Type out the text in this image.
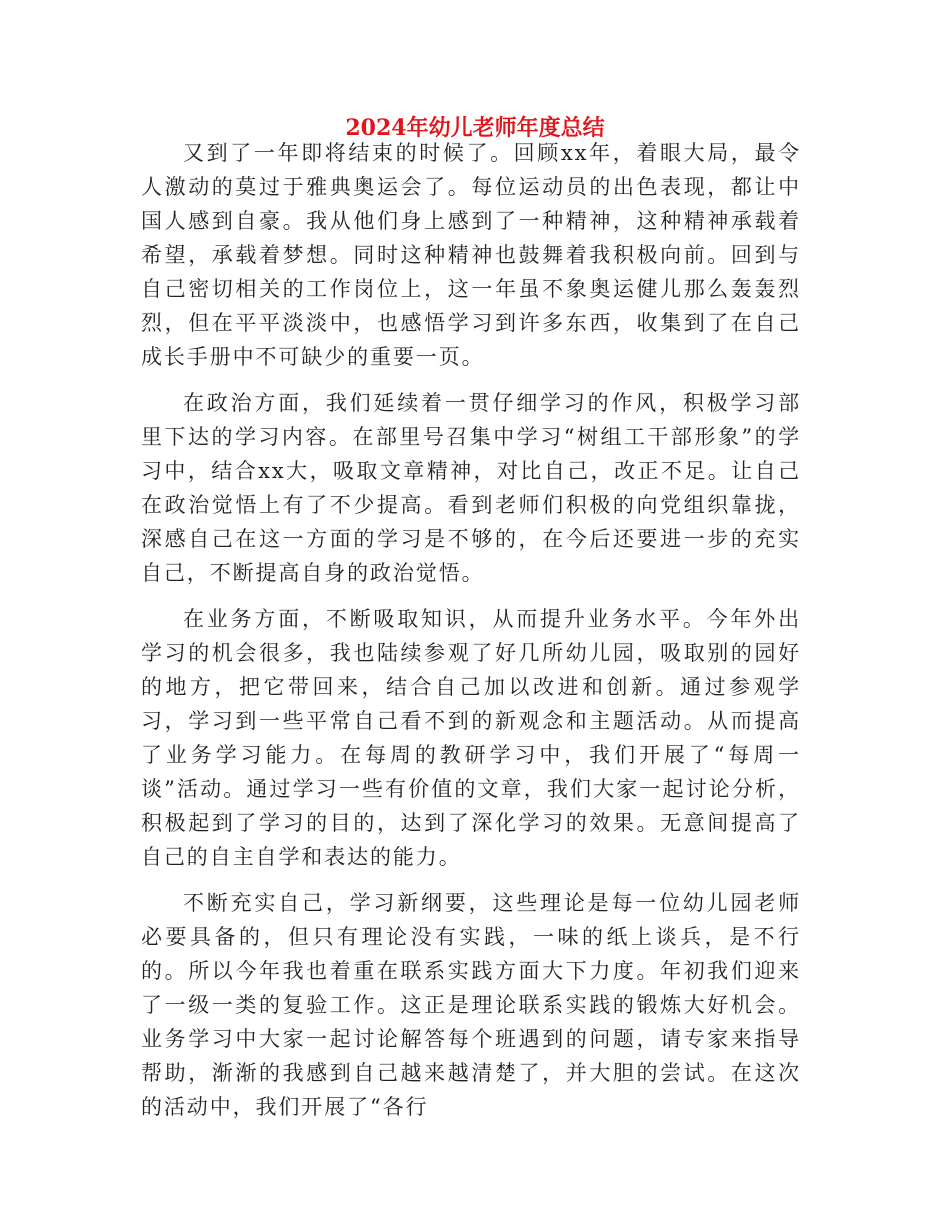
2024年幼儿老师年度总结

又到了一年即将结束的时候了。回顾xx年，着眼大局，最令人激动的莫过于雅典奥运会了。每位运动员的出色表现，都让中国人感到自豪。我从他们身上感到了一种精神，这种精神承载着希望，承载着梦想。同时这种精神也鼓舞着我积极向前。回到与自己密切相关的工作岗位上，这一年虽不象奥运健儿那么轰轰烈烈，但在平平淡淡中，也感悟学习到许多东西，收集到了在自己成长手册中不可缺少的重要一页。

在政治方面，我们延续着一贯仔细学习的作风，积极学习部里下达的学习内容。在部里号召集中学习“树组工干部形象”的学习中，结合xx大，吸取文章精神，对比自己，改正不足。让自己在政治觉悟上有了不少提高。看到老师们积极的向党组织靠拢，深感自己在这一方面的学习是不够的，在今后还要进一步的充实自己，不断提高自身的政治觉悟。

在业务方面，不断吸取知识，从而提升业务水平。今年外出学习的机会很多，我也陆续参观了好几所幼儿园，吸取别的园好的地方，把它带回来，结合自己加以改进和创新。通过参观学习，学习到一些平常自己看不到的新观念和主题活动。从而提高了业务学习能力。在每周的教研学习中，我们开展了“每周一谈”活动。通过学习一些有价值的文章，我们大家一起讨论分析，积极起到了学习的目的，达到了深化学习的效果。无意间提高了自己的自主自学和表达的能力。

不断充实自己，学习新纲要，这些理论是每一位幼儿园老师必要具备的，但只有理论没有实践，一味的纸上谈兵，是不行的。所以今年我也着重在联系实践方面大下力度。年初我们迎来了一级一类的复验工作。这正是理论联系实践的锻炼大好机会。业务学习中大家一起讨论解答每个班遇到的问题，请专家来指导帮助，渐渐的我感到自己越来越清楚了，并大胆的尝试。在这次的活动中，我们开展了“各行
